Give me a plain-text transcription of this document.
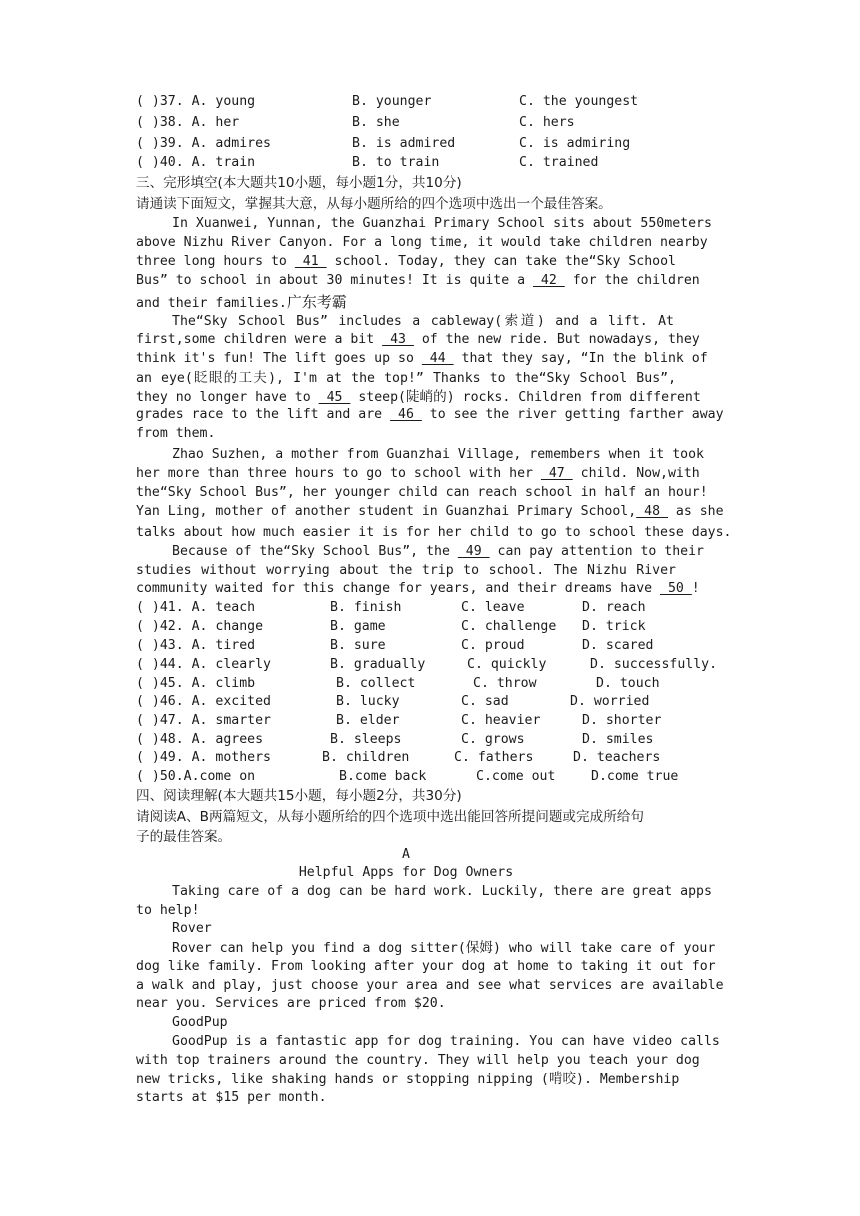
( )37. A. young	B. younger	C. the youngest
( )38. A. her	B. she	C. hers
( )39. A. admires	B. is admired	C. is admiring
( )40. A. train	B. to train	C. trained
三、完形填空(本大题共10小题，每小题1分，共10分)
请通读下面短文，掌握其大意，从每小题所给的四个选项中选出一个最佳答案。
In Xuanwei, Yunnan, the Guanzhai Primary School sits about 550meters
above Nizhu River Canyon. For a long time, it would take children nearby
three long hours to  41  school. Today, they can take the“Sky School
Bus” to school in about 30 minutes! It is quite a  42  for the children
and their families.广东考霸
The“Sky School Bus” includes a cableway(索道) and a lift. At
first,some children were a bit  43  of the new ride. But nowadays, they
think it's fun! The lift goes up so  44  that they say, “In the blink of
an eye(眨眼的工夫), I'm at the top!” Thanks to the“Sky School Bus”,
they no longer have to  45  steep(陡峭的) rocks. Children from different
grades race to the lift and are  46  to see the river getting farther away
from them.
Zhao Suzhen, a mother from Guanzhai Village, remembers when it took
her more than three hours to go to school with her  47  child. Now,with
the“Sky School Bus”, her younger child can reach school in half an hour!
Yan Ling, mother of another student in Guanzhai Primary School, 48  as she
talks about how much easier it is for her child to go to school these days.
Because of the“Sky School Bus”, the  49  can pay attention to their
studies without worrying about the trip to school. The Nizhu River
community waited for this change for years, and their dreams have  50 !
( )41. A. teach	B. finish	C. leave	D. reach
( )42. A. change	B. game	C. challenge D. trick
( )43. A. tired	B. sure	C. proud	D. scared
( )44. A. clearly	B. gradually	C. quickly	D. successfully.
( )45. A. climb	B. collect	C. throw	D. touch
( )46. A. excited	B. lucky	C. sad	D. worried
( )47. A. smarter	B. elder	C. heavier	D. shorter
( )48. A. agrees	B. sleeps	C. grows	D. smiles
( )49. A. mothers	B. children	C. fathers	D. teachers
( )50.A.come on	B.come back	C.come out	D.come true
四、阅读理解(本大题共15小题，每小题2分，共30分)
请阅读A、B两篇短文，从每小题所给的四个选项中选出能回答所提问题或完成所给句
子的最佳答案。
A
Helpful Apps for Dog Owners
Taking care of a dog can be hard work. Luckily, there are great apps
to help!
Rover
Rover can help you find a dog sitter(保姆) who will take care of your
dog like family. From looking after your dog at home to taking it out for
a walk and play, just choose your area and see what services are available
near you. Services are priced from $20.
GoodPup
GoodPup is a fantastic app for dog training. You can have video calls
with top trainers around the country. They will help you teach your dog
new tricks, like shaking hands or stopping nipping (啃咬). Membership
starts at $15 per month.
